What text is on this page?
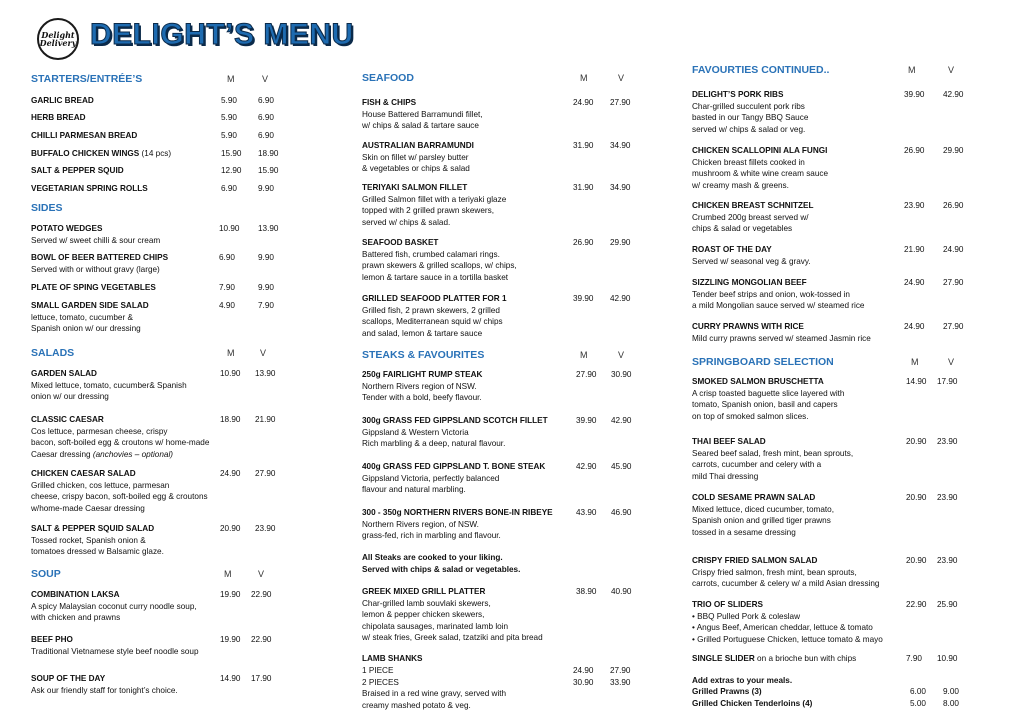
Delight Delivery DELIGHT’S MENU
STARTERS/ENTRÉE’S	M	V
GARLIC BREAD	5.90	6.90
HERB BREAD	5.90	6.90
CHILLI PARMESAN BREAD	5.90	6.90
BUFFALO CHICKEN WINGS (14 pcs)	15.90 18.90
SALT & PEPPER SQUID	12.90 15.90
VEGETARIAN SPRING ROLLS	6.90	9.90
SIDES
POTATO WEDGES
Served w/ sweet chilli & sour cream
10.90 13.90
BOWL OF BEER BATTERED CHIPS
Served with or without gravy (large)
6.90	9.90
PLATE OF SPING VEGETABLES	7.90	9.90
SMALL GARDEN SIDE SALAD
lettuce, tomato, cucumber &
Spanish onion w/ our dressing
4.90	7.90
SALADS	M	V
GARDEN SALAD
Mixed lettuce, tomato, cucumber& Spanish
onion w/ our dressing
10.90 13.90
CLASSIC CAESAR
Cos lettuce, parmesan cheese, crispy
bacon, soft-boiled egg & croutons w/ home-made
Caesar dressing (anchovies – optional)
18.90 21.90
CHICKEN CAESAR SALAD
Grilled chicken, cos lettuce, parmesan
cheese, crispy bacon, soft-boiled egg & croutons
w/home-made Caesar dressing
24.90 27.90
SALT & PEPPER SQUID SALAD
Tossed rocket, Spanish onion &
tomatoes dressed w Balsamic glaze.
20.90 23.90
SOUP	M	V
COMBINATION LAKSA
A spicy Malaysian coconut curry noodle soup,
with chicken and prawns
19.90 22.90
BEEF PHO
Traditional Vietnamese style beef noodle soup
19.90 22.90
SOUP OF THE DAY
Ask our friendly staff for tonight’s choice.
14.90 17.90
SEAFOOD	M	V
FISH & CHIPS
House Battered Barramundi fillet,
w/ chips & salad & tartare sauce
24.90 27.90
AUSTRALIAN BARRAMUNDI
Skin on fillet w/ parsley butter
& vegetables or chips & salad
31.90 34.90
TERIYAKI SALMON FILLET
Grilled Salmon fillet with a teriyaki glaze
topped with 2 grilled prawn skewers,
served w/ chips & salad.
31.90 34.90
SEAFOOD BASKET
Battered fish, crumbed calamari rings.
prawn skewers & grilled scallops, w/ chips,
lemon & tartare sauce in a tortilla basket
26.90 29.90
GRILLED SEAFOOD PLATTER FOR 1
Grilled fish, 2 prawn skewers, 2 grilled
scallops, Mediterranean squid w/ chips
and salad, lemon & tartare sauce
39.90 42.90
STEAKS & FAVOURITES	M	V
250g FAIRLIGHT RUMP STEAK
Northern Rivers region of NSW.
Tender with a bold, beefy flavour.
27.90 30.90
300g GRASS FED GIPPSLAND SCOTCH FILLET
Gippsland & Western Victoria
Rich marbling & a deep, natural flavour.
39.90 42.90
400g GRASS FED GIPPSLAND T. BONE STEAK
Gippsland Victoria, perfectly balanced
flavour and natural marbling.
42.90 45.90
300 - 350g NORTHERN RIVERS BONE-IN RIBEYE
Northern Rivers region, of NSW.
grass-fed, rich in marbling and flavour.
43.90 46.90
GREEK MIXED GRILL PLATTER
Char-grilled lamb souvlaki skewers,
lemon & pepper chicken skewers,
chipolata sausages, marinated lamb loin
w/ steak fries, Greek salad, tzatziki and pita bread
38.90 40.90
All Steaks are cooked to your liking.
Served with chips & salad or vegetables.
LAMB SHANKS
1 PIECE	24.90 27.90
2 PIECES	30.90 33.90
Braised in a red wine gravy, served with
creamy mashed potato & veg.
FAVOURTIES CONTINUED..	M	V
DELIGHT’S PORK RIBS
Char-grilled succulent pork ribs
basted in our Tangy BBQ Sauce
served w/ chips & salad or veg.
39.90 42.90
CHICKEN SCALLOPINI ALA FUNGI
Chicken breast fillets cooked in
mushroom & white wine cream sauce
w/ creamy mash & greens.
26.90 29.90
CHICKEN BREAST SCHNITZEL
Crumbed 200g breast served w/
chips & salad or vegetables
23.90 26.90
ROAST OF THE DAY
Served w/ seasonal veg & gravy.
21.90 24.90
SIZZLING MONGOLIAN BEEF
Tender beef strips and onion, wok-tossed in
a mild Mongolian sauce served w/ steamed rice
24.90 27.90
CURRY PRAWNS WITH RICE
Mild curry prawns served w/ steamed Jasmin rice
24.90 27.90
SPRINGBOARD SELECTION	M	V
SMOKED SALMON BRUSCHETTA
A crisp toasted baguette slice layered with
tomato, Spanish onion, basil and capers
on top of smoked salmon slices.
14.90 17.90
THAI BEEF SALAD
Seared beef salad, fresh mint, bean sprouts,
carrots, cucumber and celery with a
mild Thai dressing
20.90 23.90
COLD SESAME PRAWN SALAD
Mixed lettuce, diced cucumber, tomato,
Spanish onion and grilled tiger prawns
tossed in a sesame dressing
20.90 23.90
CRISPY FRIED SALMON SALAD
Crispy fried salmon, fresh mint, bean sprouts,
carrots, cucumber & celery w/ a mild Asian dressing
20.90 23.90
TRIO OF SLIDERS
• BBQ Pulled Pork & coleslaw
• Angus Beef, American cheddar, lettuce & tomato
• Grilled Portuguese Chicken, lettuce tomato & mayo
22.90 25.90
SINGLE SLIDER on a brioche bun with chips	7.90 10.90
Add extras to your meals.
Grilled Prawns (3)	6.00 9.00
Grilled Chicken Tenderloins (4)	5.00 8.00
